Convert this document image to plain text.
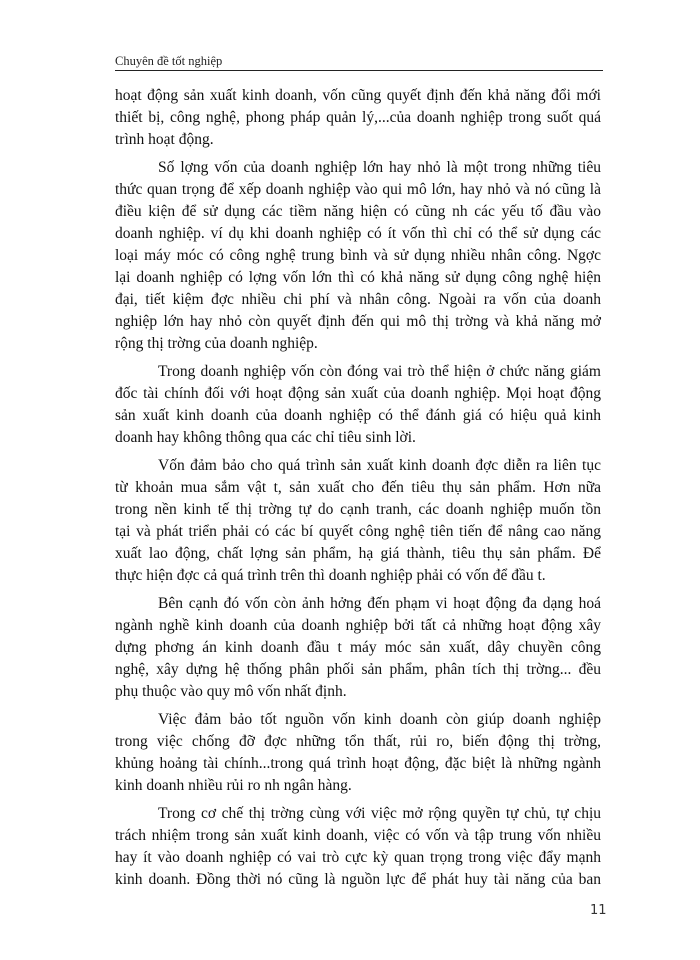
Chuyên đề tốt nghiệp
hoạt động sản xuất kinh doanh, vốn cũng quyết định đến khả năng đổi mới
thiết bị, công nghệ, phong pháp quản lý,...của doanh nghiệp trong suốt quá
trình hoạt động.
Số lợng vốn của doanh nghiệp lớn hay nhỏ là một trong những tiêu
thức quan trọng để xếp doanh nghiệp vào qui mô lớn, hay nhỏ và nó cũng là
điều kiện để sử dụng các tiềm năng hiện có cũng nh các yếu tố đầu vào
doanh nghiệp. ví dụ khi doanh nghiệp có ít vốn thì chỉ có thể sử dụng các
loại máy móc có công nghệ trung bình và sử dụng nhiều nhân công. Ngợc
lại doanh nghiệp có lợng vốn lớn thì có khả năng sử dụng công nghệ hiện
đại, tiết kiệm đợc nhiều chi phí và nhân công. Ngoài ra vốn của doanh
nghiệp lớn hay nhỏ còn quyết định đến qui mô thị trờng và khả năng mở
rộng thị trờng của doanh nghiệp.
Trong doanh nghiệp vốn còn đóng vai trò thể hiện ở chức năng giám
đốc tài chính đối với hoạt động sản xuất của doanh nghiệp. Mọi hoạt động
sản xuất kinh doanh của doanh nghiệp có thể đánh giá có hiệu quả kinh
doanh hay không thông qua các chỉ tiêu sinh lời.
Vốn đảm bảo cho quá trình sản xuất kinh doanh đợc diễn ra liên tục
từ khoản mua sắm vật t, sản xuất cho đến tiêu thụ sản phẩm. Hơn nữa
trong nền kinh tế thị trờng tự do cạnh tranh, các doanh nghiệp muốn tồn
tại và phát triển phải có các bí quyết công nghệ tiên tiến để nâng cao năng
xuất lao động, chất lợng sản phẩm, hạ giá thành, tiêu thụ sản phẩm. Để
thực hiện đợc cả quá trình trên thì doanh nghiệp phải có vốn để đầu t.
Bên cạnh đó vốn còn ảnh hởng đến phạm vi hoạt động đa dạng hoá
ngành nghề kinh doanh của doanh nghiệp bởi tất cả những hoạt động xây
dựng phơng án kinh doanh đầu t máy móc sản xuất, dây chuyền công
nghệ, xây dựng hệ thống phân phối sản phẩm, phân tích thị trờng... đều
phụ thuộc vào quy mô vốn nhất định.
Việc đảm bảo tốt nguồn vốn kinh doanh còn giúp doanh nghiệp
trong việc chống đỡ đợc những tổn thất, rủi ro, biến động thị trờng,
khủng hoảng tài chính...trong quá trình hoạt động, đặc biệt là những ngành
kinh doanh nhiều rủi ro nh ngân hàng.
Trong cơ chế thị trờng cùng với việc mở rộng quyền tự chủ, tự chịu
trách nhiệm trong sản xuất kinh doanh, việc có vốn và tập trung vốn nhiều
hay ít vào doanh nghiệp có vai trò cực kỳ quan trọng trong việc đẩy mạnh
kinh doanh. Đồng thời nó cũng là nguồn lực để phát huy tài năng của ban
11
